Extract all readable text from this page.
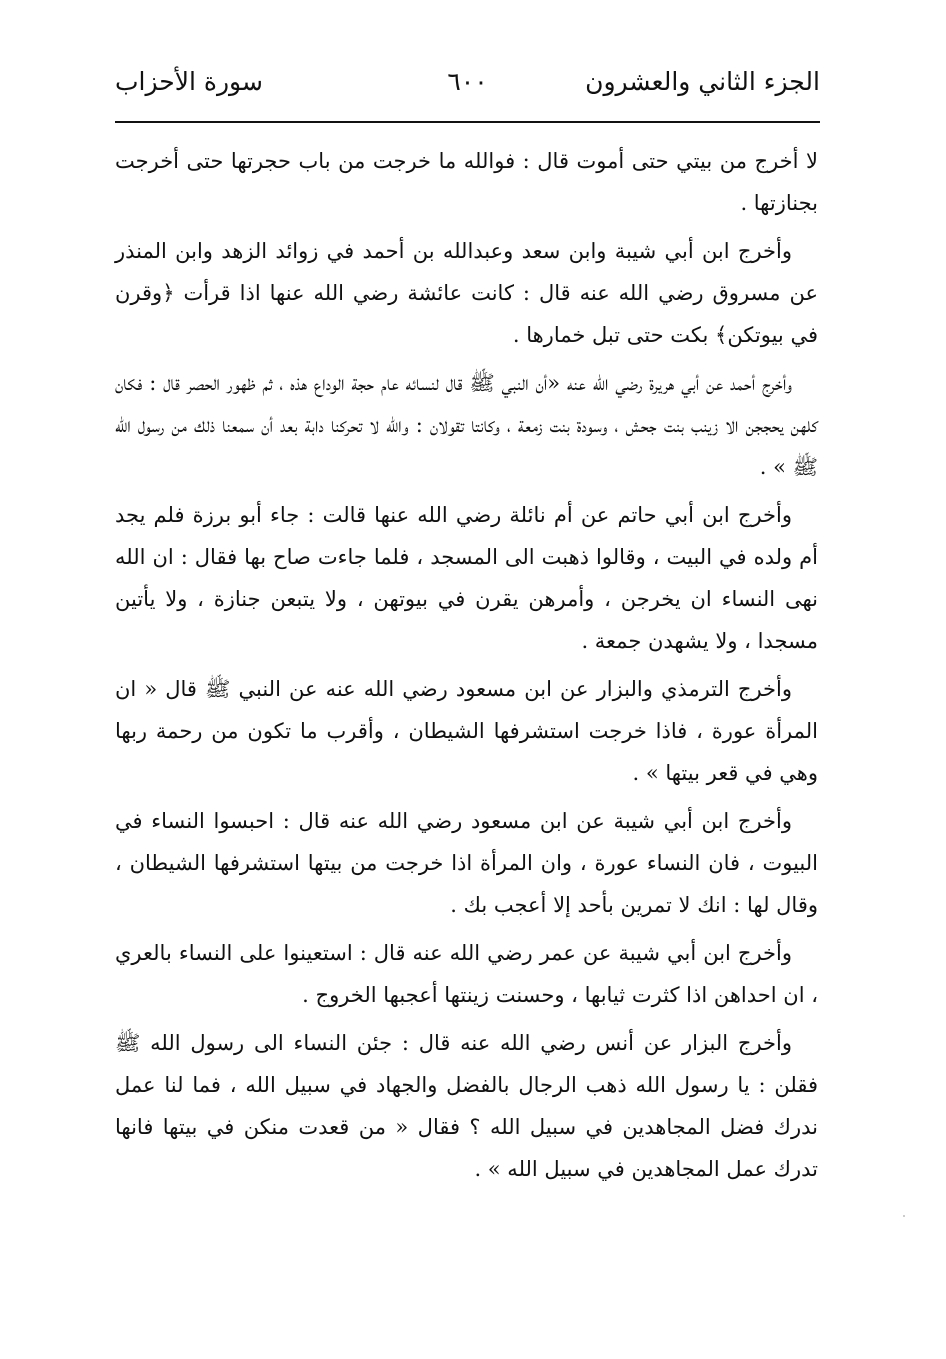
الجزء الثاني والعشرون
٦٠٠
سورة الأحزاب

لا أخرج من بيتي حتى أموت قال : فوالله ما خرجت من باب حجرتها حتى أخرجت بجنازتها .

وأخرج ابن أبي شيبة وابن سعد وعبدالله بن أحمد في زوائد الزهد وابن المنذر عن مسروق رضي الله عنه قال : كانت عائشة رضي الله عنها اذا قرأت ﴿وقرن في بيوتكن﴾ بكت حتى تبل خمارها .

وأخرج أحمد عن أبي هريرة رضي الله عنه «أن النبي ﷺ قال لنسائه عام حجة الوداع هذه ، ثم ظهور الحصر قال : فكان كلهن يحججن الا زينب بنت جحش ، وسودة بنت زمعة ، وكانتا تقولان : والله لا تحركنا دابة بعد أن سمعنا ذلك من رسول الله ﷺ » .

وأخرج ابن أبي حاتم عن أم نائلة رضي الله عنها قالت : جاء أبو برزة فلم يجد أم ولده في البيت ، وقالوا ذهبت الى المسجد ، فلما جاءت صاح بها فقال : ان الله نهى النساء ان يخرجن ، وأمرهن يقرن في بيوتهن ، ولا يتبعن جنازة ، ولا يأتين مسجدا ، ولا يشهدن جمعة .

وأخرج الترمذي والبزار عن ابن مسعود رضي الله عنه عن النبي ﷺ قال « ان المرأة عورة ، فاذا خرجت استشرفها الشيطان ، وأقرب ما تكون من رحمة ربها وهي في قعر بيتها » .

وأخرج ابن أبي شيبة عن ابن مسعود رضي الله عنه قال : احبسوا النساء في البيوت ، فان النساء عورة ، وان المرأة اذا خرجت من بيتها استشرفها الشيطان ، وقال لها : انك لا تمرين بأحد إلا أعجب بك .

وأخرج ابن أبي شيبة عن عمر رضي الله عنه قال : استعينوا على النساء بالعري ، ان احداهن اذا كثرت ثيابها ، وحسنت زينتها أعجبها الخروج .

وأخرج البزار عن أنس رضي الله عنه قال : جئن النساء الى رسول الله ﷺ فقلن : يا رسول الله ذهب الرجال بالفضل والجهاد في سبيل الله ، فما لنا عمل ندرك فضل المجاهدين في سبيل الله ؟ فقال « من قعدت منكن في بيتها فانها تدرك عمل المجاهدين في سبيل الله » .
